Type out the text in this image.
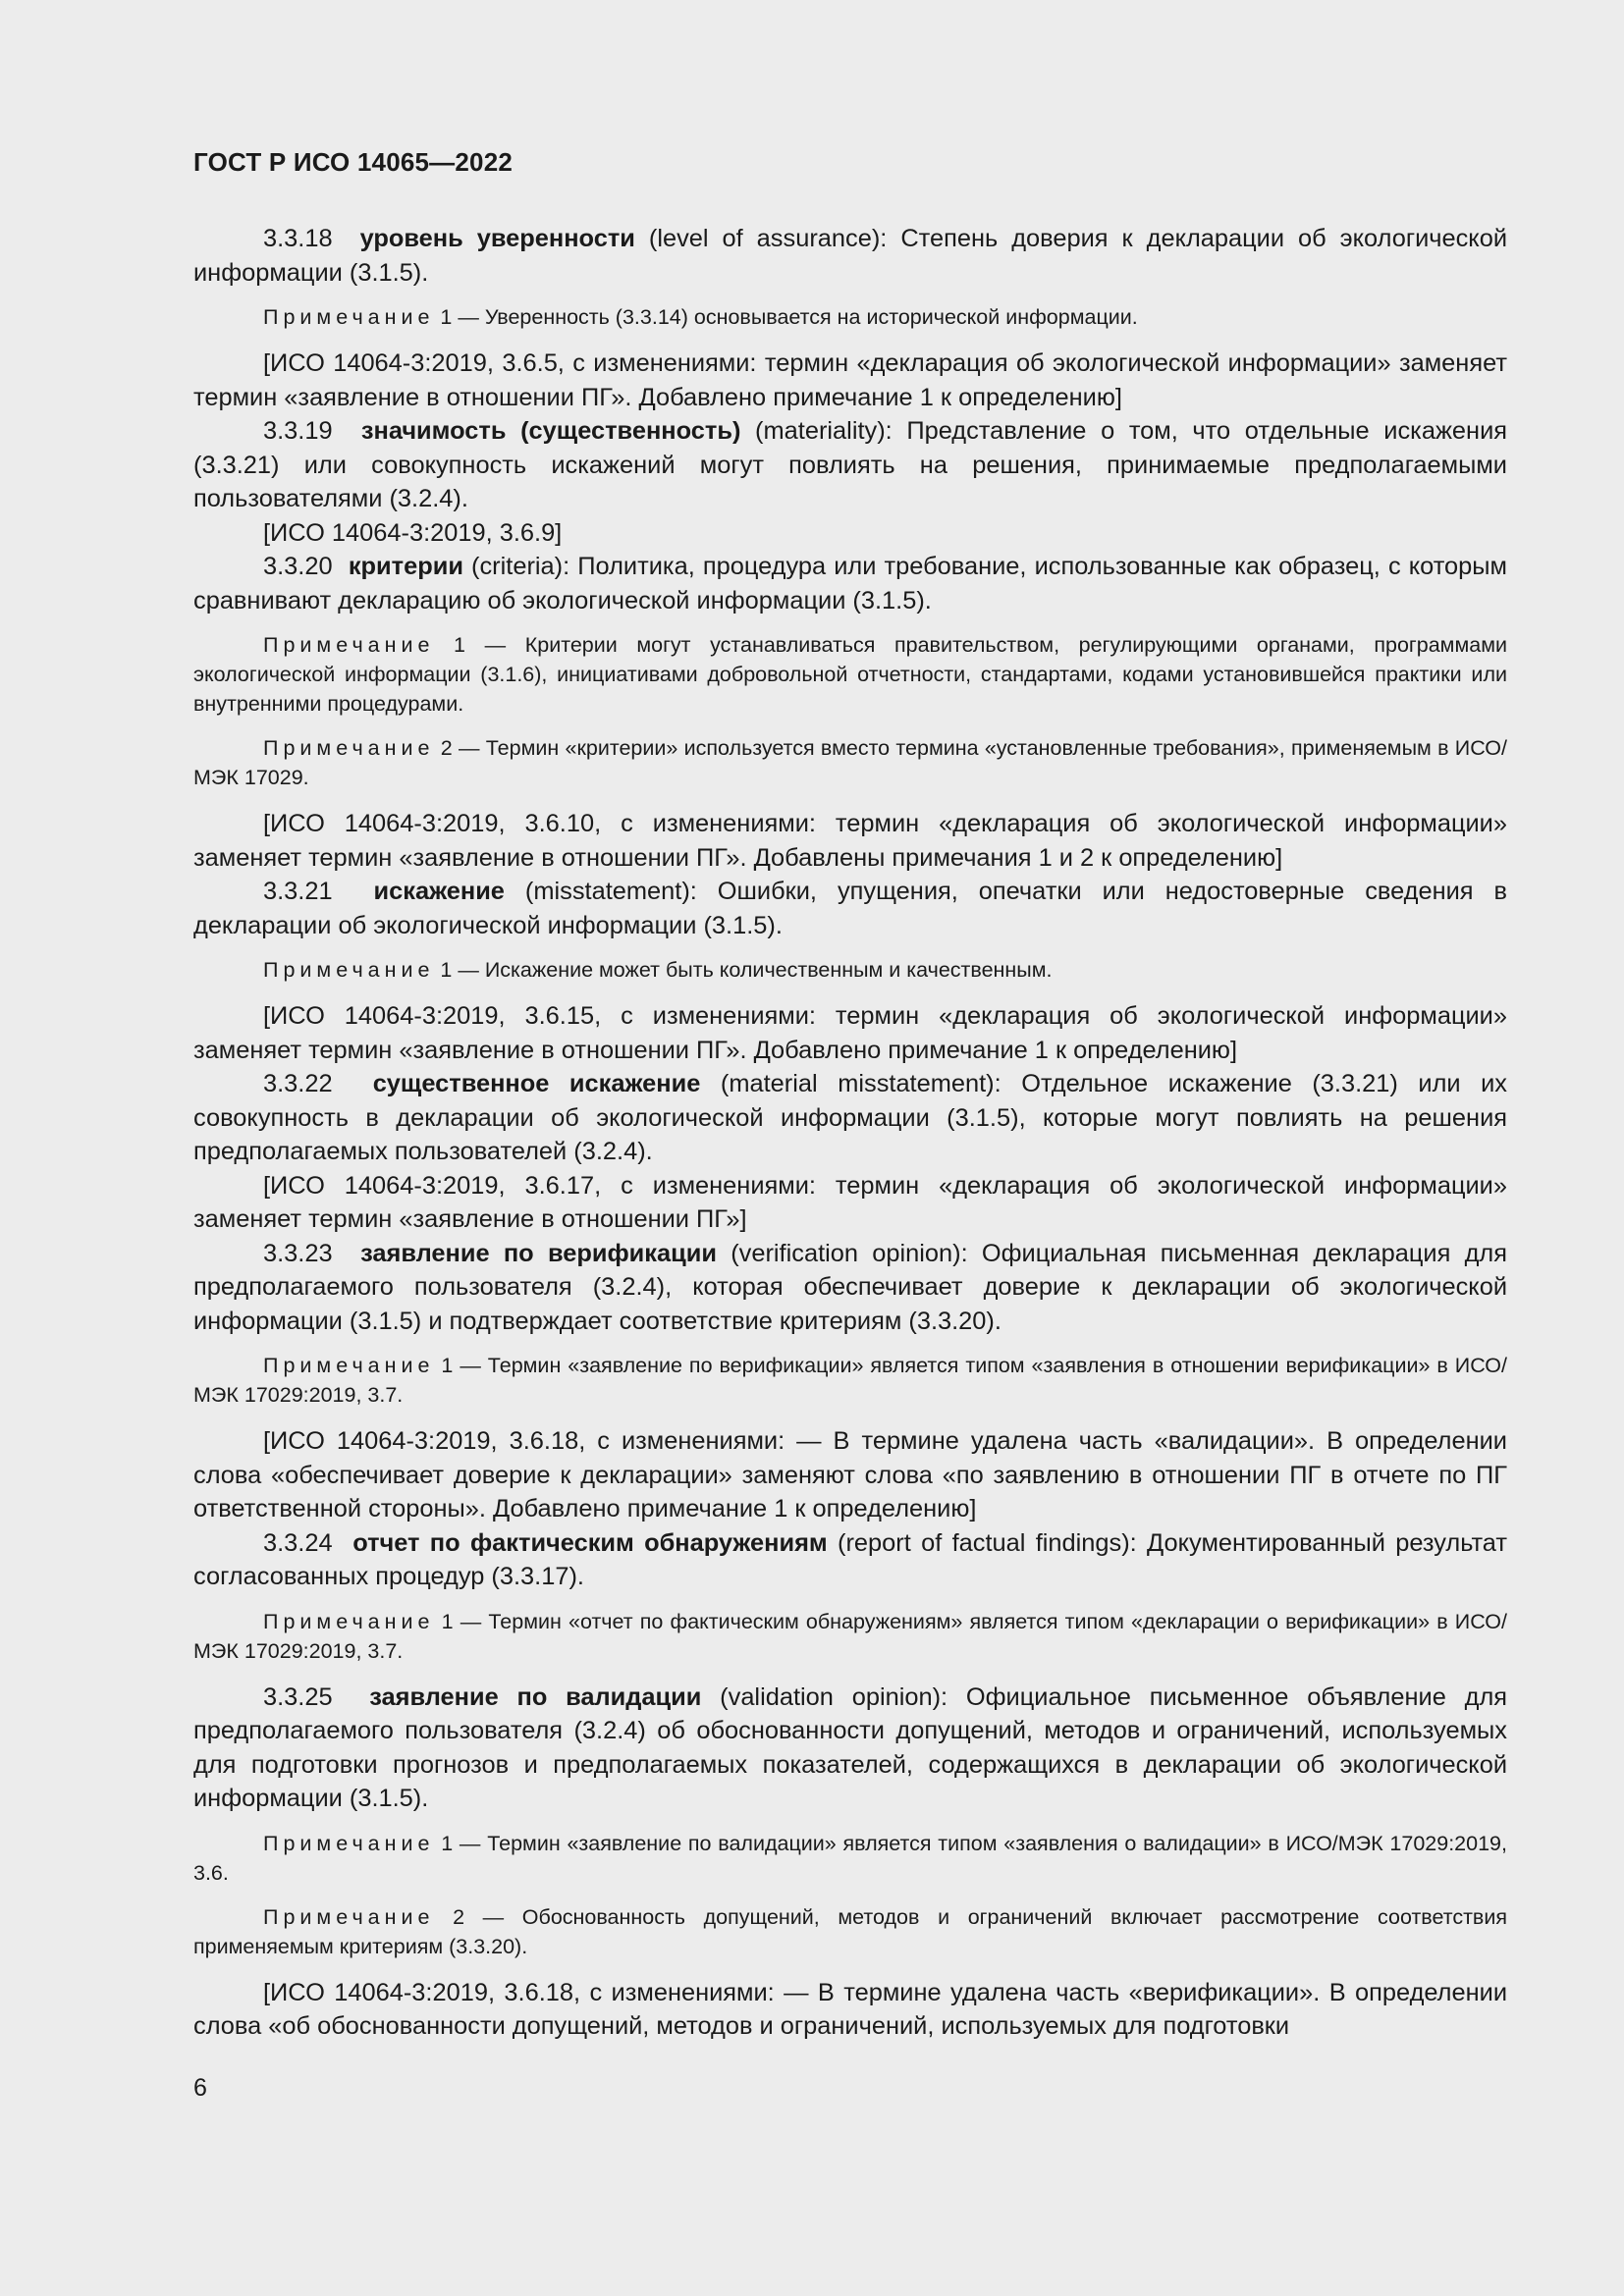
ГОСТ Р ИСО 14065—2022

3.3.18 уровень уверенности (level of assurance): Степень доверия к декларации об экологической информации (3.1.5).

Примечание 1 — Уверенность (3.3.14) основывается на исторической информации.

[ИСО 14064-3:2019, 3.6.5, с изменениями: термин «декларация об экологической информации» заменяет термин «заявление в отношении ПГ». Добавлено примечание 1 к определению]

3.3.19 значимость (существенность) (materiality): Представление о том, что отдельные искажения (3.3.21) или совокупность искажений могут повлиять на решения, принимаемые предполагаемыми пользователями (3.2.4).

[ИСО 14064-3:2019, 3.6.9]

3.3.20 критерии (criteria): Политика, процедура или требование, использованные как образец, с которым сравнивают декларацию об экологической информации (3.1.5).

Примечание 1 — Критерии могут устанавливаться правительством, регулирующими органами, программами экологической информации (3.1.6), инициативами добровольной отчетности, стандартами, кодами установившейся практики или внутренними процедурами.

Примечание 2 — Термин «критерии» используется вместо термина «установленные требования», применяемым в ИСО/МЭК 17029.

[ИСО 14064-3:2019, 3.6.10, с изменениями: термин «декларация об экологической информации» заменяет термин «заявление в отношении ПГ». Добавлены примечания 1 и 2 к определению]

3.3.21 искажение (misstatement): Ошибки, упущения, опечатки или недостоверные сведения в декларации об экологической информации (3.1.5).

Примечание 1 — Искажение может быть количественным и качественным.

[ИСО 14064-3:2019, 3.6.15, с изменениями: термин «декларация об экологической информации» заменяет термин «заявление в отношении ПГ». Добавлено примечание 1 к определению]

3.3.22 существенное искажение (material misstatement): Отдельное искажение (3.3.21) или их совокупность в декларации об экологической информации (3.1.5), которые могут повлиять на решения предполагаемых пользователей (3.2.4).

[ИСО 14064-3:2019, 3.6.17, с изменениями: термин «декларация об экологической информации» заменяет термин «заявление в отношении ПГ»]

3.3.23 заявление по верификации (verification opinion): Официальная письменная декларация для предполагаемого пользователя (3.2.4), которая обеспечивает доверие к декларации об экологической информации (3.1.5) и подтверждает соответствие критериям (3.3.20).

Примечание 1 — Термин «заявление по верификации» является типом «заявления в отношении верификации» в ИСО/МЭК 17029:2019, 3.7.

[ИСО 14064-3:2019, 3.6.18, с изменениями: — В термине удалена часть «валидации». В определении слова «обеспечивает доверие к декларации» заменяют слова «по заявлению в отношении ПГ в отчете по ПГ ответственной стороны». Добавлено примечание 1 к определению]

3.3.24 отчет по фактическим обнаружениям (report of factual findings): Документированный результат согласованных процедур (3.3.17).

Примечание 1 — Термин «отчет по фактическим обнаружениям» является типом «декларации о верификации» в ИСО/МЭК 17029:2019, 3.7.

3.3.25 заявление по валидации (validation opinion): Официальное письменное объявление для предполагаемого пользователя (3.2.4) об обоснованности допущений, методов и ограничений, используемых для подготовки прогнозов и предполагаемых показателей, содержащихся в декларации об экологической информации (3.1.5).

Примечание 1 — Термин «заявление по валидации» является типом «заявления о валидации» в ИСО/МЭК 17029:2019, 3.6.

Примечание 2 — Обоснованность допущений, методов и ограничений включает рассмотрение соответствия применяемым критериям (3.3.20).

[ИСО 14064-3:2019, 3.6.18, с изменениями: — В термине удалена часть «верификации». В определении слова «об обоснованности допущений, методов и ограничений, используемых для подготовки

6
